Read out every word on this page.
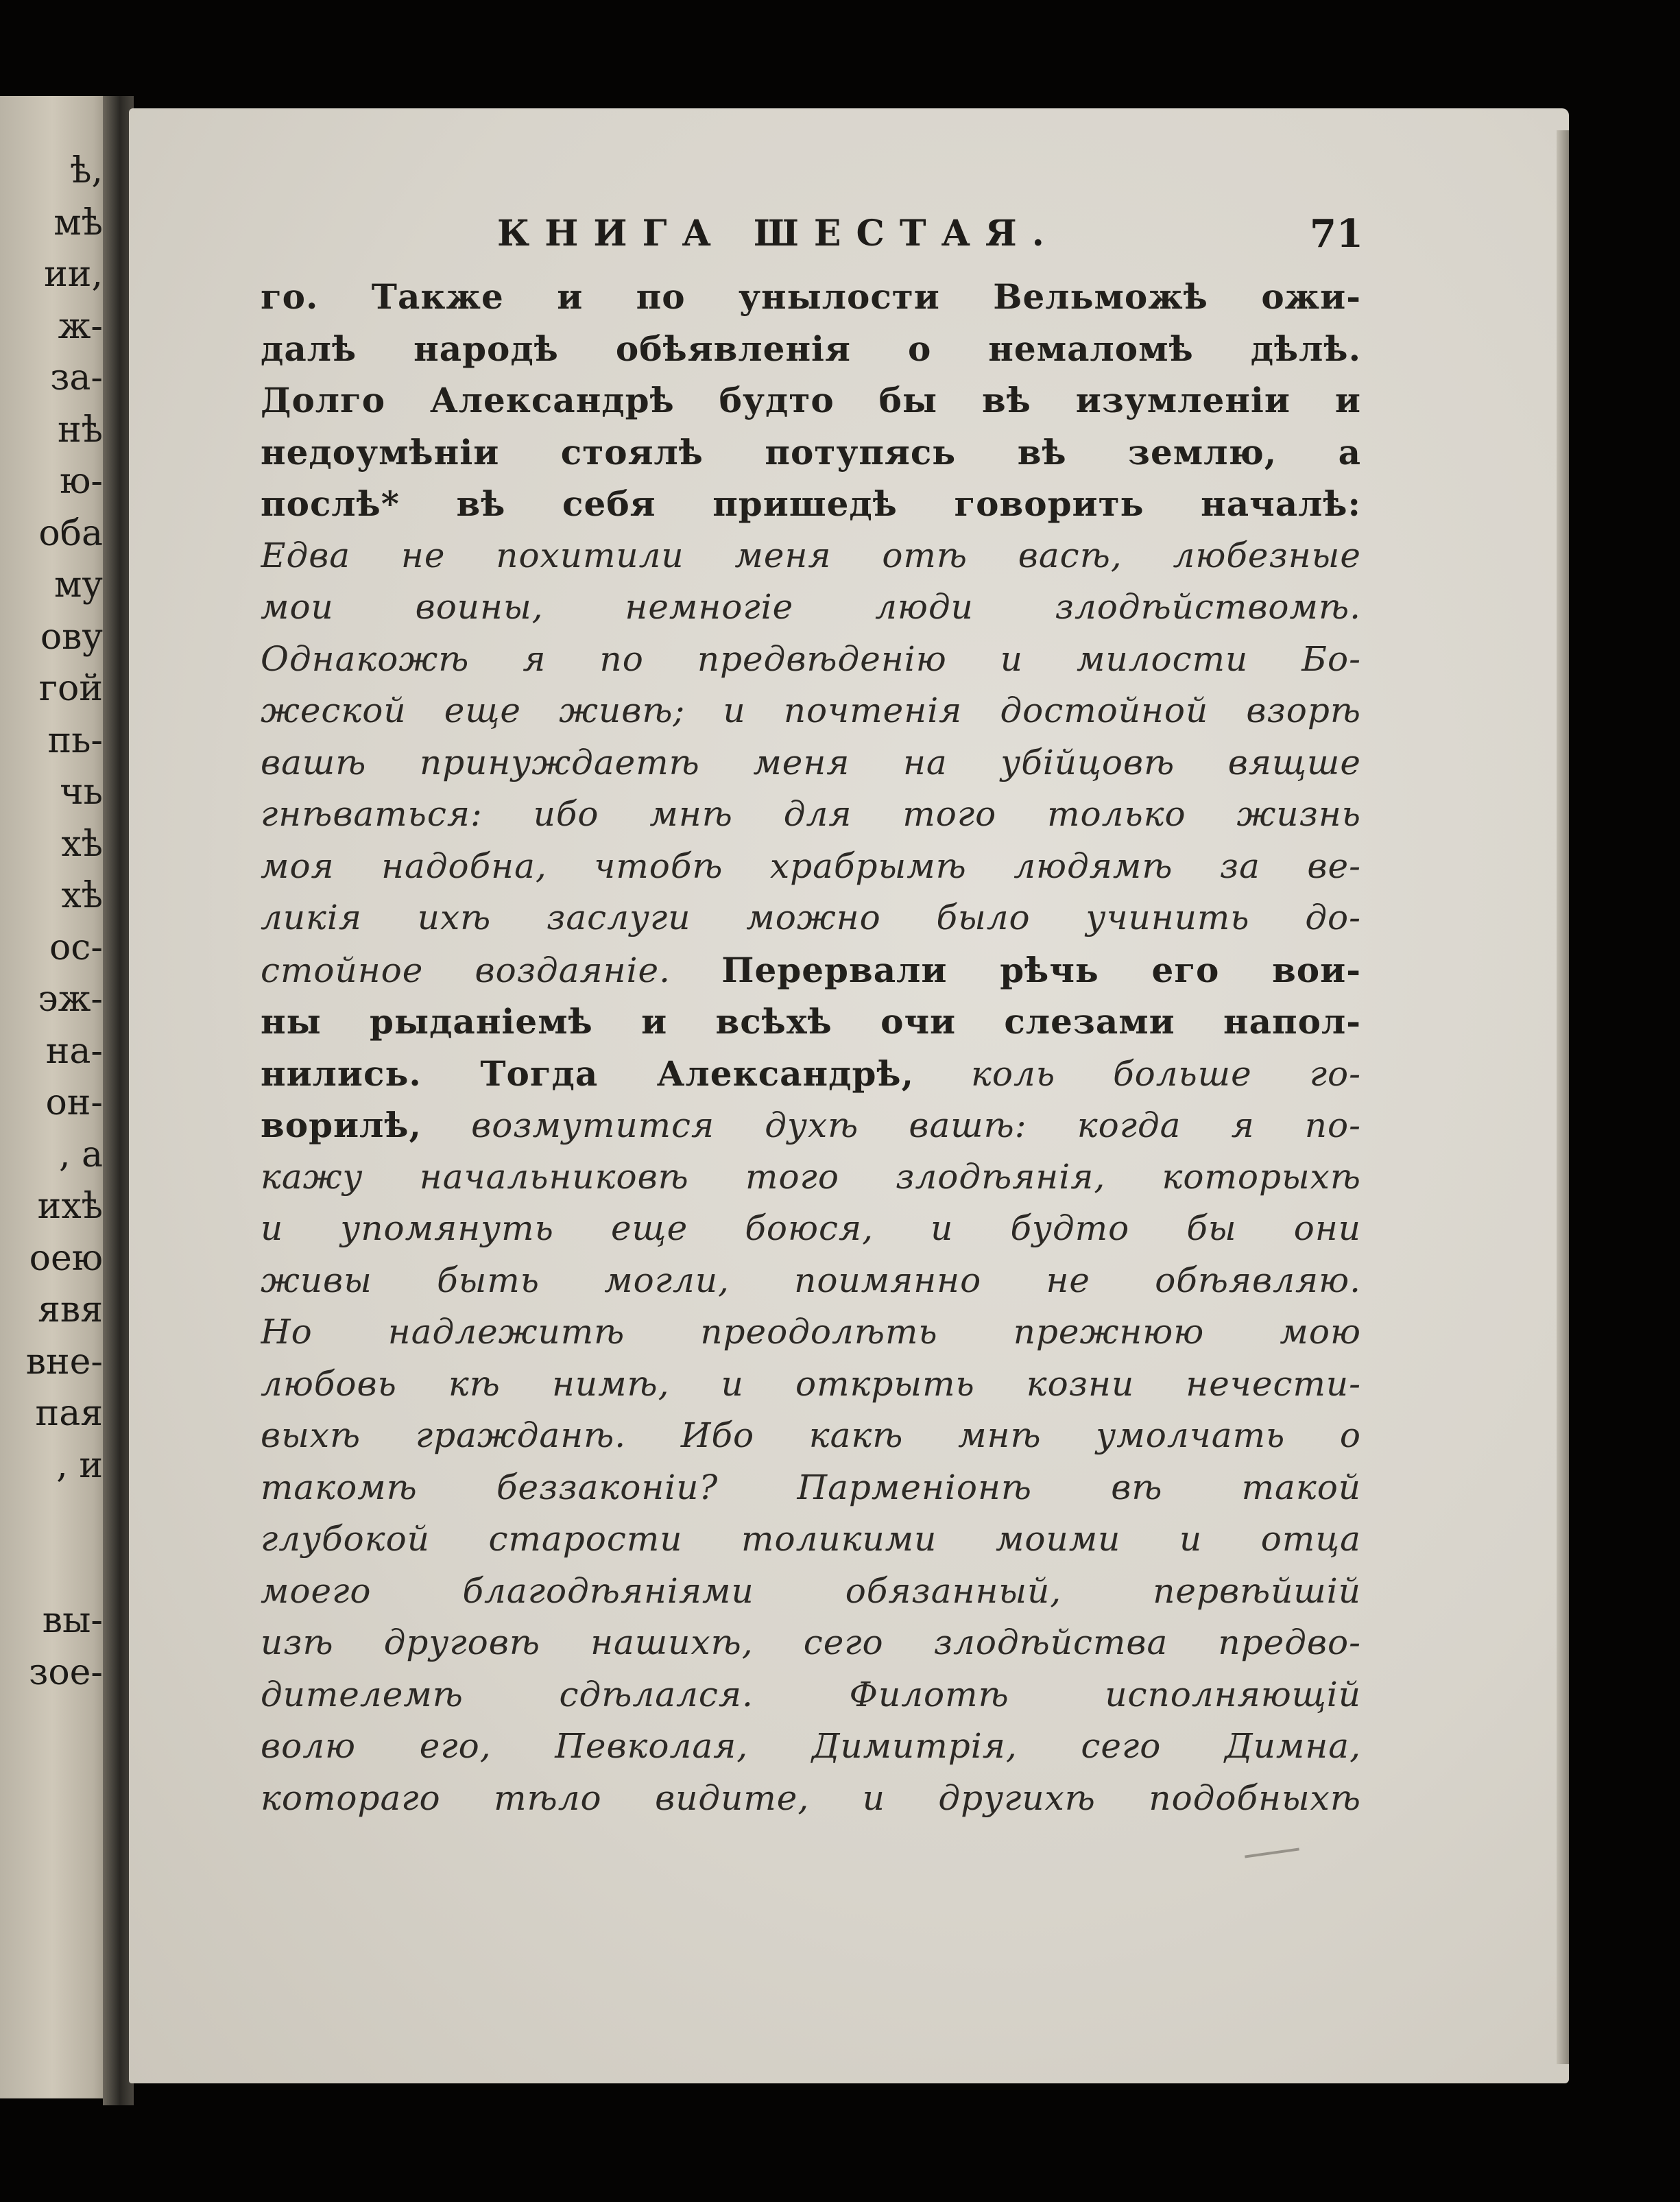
ѣ,
мѣ
ии,
ж-
за-
нѣ
ю-
оба
му
ову
гой
пь-
чь
хѣ
хѣ
ос-
эж-
на-
он-
, а
ихѣ
оею
явя
вне-
пая
, и
вы-
зое-
КНИГА ШЕСТАЯ.	71
го. Также и по унылости Вельможѣ ожи-
далѣ народѣ обѣявленія о немаломѣ дѣлѣ.
Долго Александрѣ будто бы вѣ изумленіи и
недоумѣніи стоялѣ потупясь вѣ землю, а
послѣ* вѣ себя пришедѣ говорить началѣ:
Едва не похитили меня отѣ васѣ, любезные
мои воины, немногіе люди злодѣйствомѣ.
Однакожѣ я по предвѣденію и милости Бо-
жеской еще живѣ; и почтенія достойной взорѣ
вашѣ принуждаетѣ меня на убійцовѣ вящше
гнѣваться: ибо мнѣ для того только жизнь
моя надобна, чтобѣ храбрымѣ людямѣ за ве-
ликія ихѣ заслуги можно было учинить до-
стойное воздаяніе. Перервали рѣчь его вои-
ны рыданіемѣ и всѣхѣ очи слезами напол-
нились. Тогда Александрѣ, коль больше го-
ворилѣ, возмутится духѣ вашѣ: когда я по-
кажу начальниковѣ того злодѣянія, которыхѣ
и упомянуть еще боюся, и будто бы они
живы быть могли, поимянно не обѣявляю.
Но надлежитѣ преодолѣть прежнюю мою
любовь кѣ нимѣ, и открыть козни нечести-
выхѣ гражданѣ. Ибо какѣ мнѣ умолчать о
такомѣ беззаконіи? Парменіонѣ вѣ такой
глубокой старости толикими моими и отца
моего благодѣяніями обязанный, первѣйшій
изѣ друговѣ нашихѣ, сего злодѣйства предво-
дителемѣ сдѣлался. Филотѣ исполняющій
волю его, Певколая, Димитрія, сего Димна,
котораго тѣло видите, и другихѣ подобныхѣ
